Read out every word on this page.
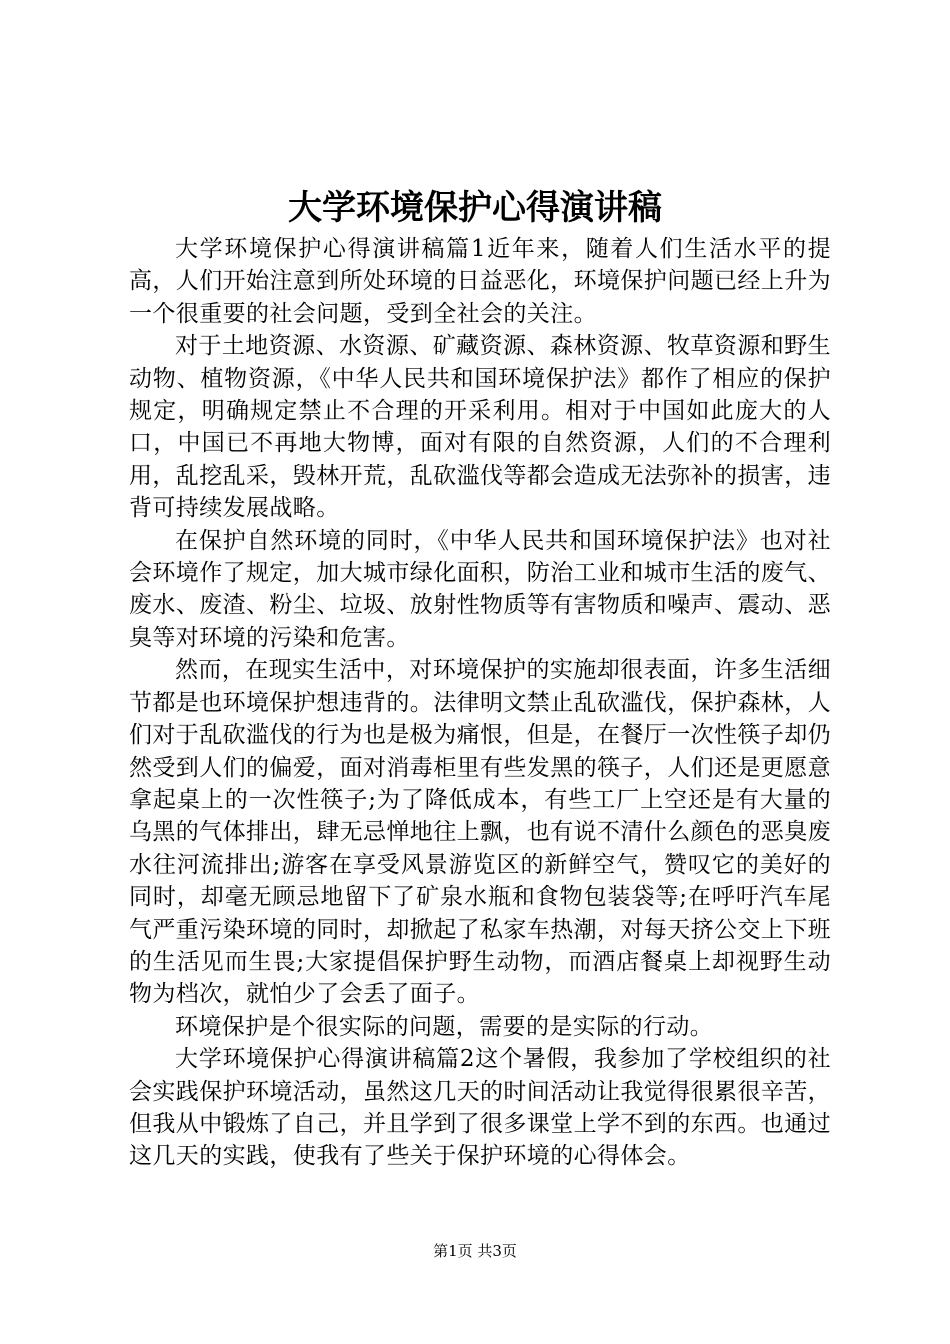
大学环境保护心得演讲稿

大学环境保护心得演讲稿篇1近年来，随着人们生活水平的提高，人们开始注意到所处环境的日益恶化，环境保护问题已经上升为一个很重要的社会问题，受到全社会的关注。

对于土地资源、水资源、矿藏资源、森林资源、牧草资源和野生动物、植物资源，《中华人民共和国环境保护法》都作了相应的保护规定，明确规定禁止不合理的开采利用。相对于中国如此庞大的人口，中国已不再地大物博，面对有限的自然资源，人们的不合理利用，乱挖乱采，毁林开荒，乱砍滥伐等都会造成无法弥补的损害，违背可持续发展战略。

在保护自然环境的同时，《中华人民共和国环境保护法》也对社会环境作了规定，加大城市绿化面积，防治工业和城市生活的废气、废水、废渣、粉尘、垃圾、放射性物质等有害物质和噪声、震动、恶臭等对环境的污染和危害。

然而，在现实生活中，对环境保护的实施却很表面，许多生活细节都是也环境保护想违背的。法律明文禁止乱砍滥伐，保护森林，人们对于乱砍滥伐的行为也是极为痛恨，但是，在餐厅一次性筷子却仍然受到人们的偏爱，面对消毒柜里有些发黑的筷子，人们还是更愿意拿起桌上的一次性筷子;为了降低成本，有些工厂上空还是有大量的乌黑的气体排出，肆无忌惮地往上飘，也有说不清什么颜色的恶臭废水往河流排出;游客在享受风景游览区的新鲜空气，赞叹它的美好的同时，却毫无顾忌地留下了矿泉水瓶和食物包装袋等;在呼吁汽车尾气严重污染环境的同时，却掀起了私家车热潮，对每天挤公交上下班的生活见而生畏;大家提倡保护野生动物，而酒店餐桌上却视野生动物为档次，就怕少了会丢了面子。

环境保护是个很实际的问题，需要的是实际的行动。

大学环境保护心得演讲稿篇2这个暑假，我参加了学校组织的社会实践保护环境活动，虽然这几天的时间活动让我觉得很累很辛苦，但我从中锻炼了自己，并且学到了很多课堂上学不到的东西。也通过这几天的实践，使我有了些关于保护环境的心得体会。

第1页 共3页
